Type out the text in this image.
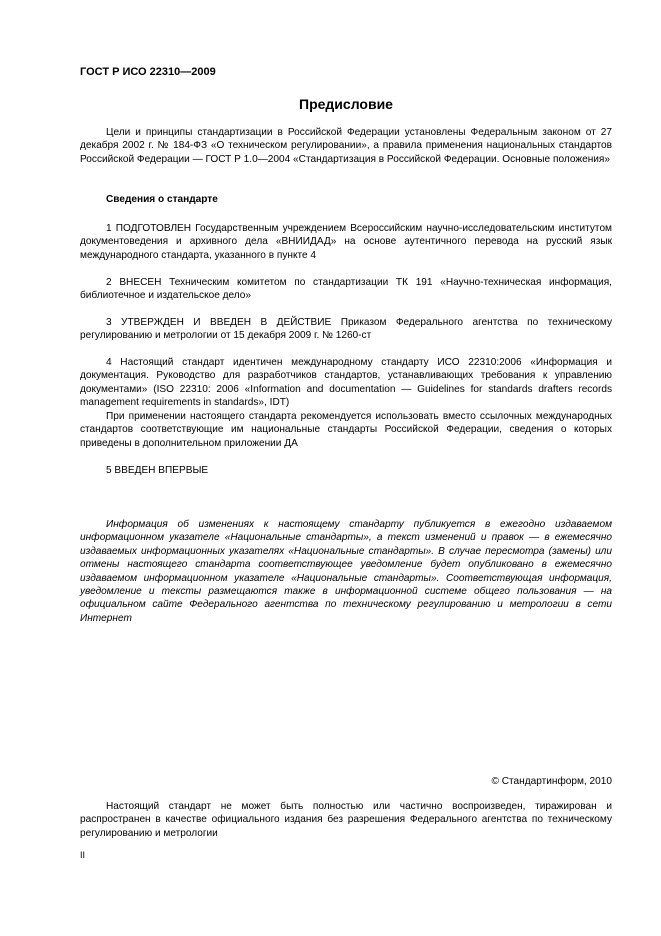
ГОСТ Р ИСО 22310—2009
Предисловие

Цели и принципы стандартизации в Российской Федерации установлены Федеральным законом от 27 декабря 2002 г. № 184-ФЗ «О техническом регулировании», а правила применения национальных стандартов Российской Федерации — ГОСТ Р 1.0—2004 «Стандартизация в Российской Федерации. Основные положения»

Сведения о стандарте

1 ПОДГОТОВЛЕН Государственным учреждением Всероссийским научно-исследовательским институтом документоведения и архивного дела «ВНИИДАД» на основе аутентичного перевода на русский язык международного стандарта, указанного в пункте 4

2 ВНЕСЕН Техническим комитетом по стандартизации ТК 191 «Научно-техническая информация, библиотечное и издательское дело»

3 УТВЕРЖДЕН И ВВЕДЕН В ДЕЙСТВИЕ Приказом Федерального агентства по техническому регулированию и метрологии от 15 декабря 2009 г. № 1260-ст

4 Настоящий стандарт идентичен международному стандарту ИСО 22310:2006 «Информация и документация. Руководство для разработчиков стандартов, устанавливающих требования к управлению документами» (ISO 22310: 2006 «Information and documentation — Guidelines for standards drafters records management requirements in standards», IDT)

При применении настоящего стандарта рекомендуется использовать вместо ссылочных международных стандартов соответствующие им национальные стандарты Российской Федерации, сведения о которых приведены в дополнительном приложении ДА

5 ВВЕДЕН ВПЕРВЫЕ

Информация об изменениях к настоящему стандарту публикуется в ежегодно издаваемом информационном указателе «Национальные стандарты», а текст изменений и правок — в ежемесячно издаваемых информационных указателях «Национальные стандарты». В случае пересмотра (замены) или отмены настоящего стандарта соответствующее уведомление будет опубликовано в ежемесячно издаваемом информационном указателе «Национальные стандарты». Соответствующая информация, уведомление и тексты размещаются также в информационной системе общего пользования — на официальном сайте Федерального агентства по техническому регулированию и метрологии в сети Интернет

© Стандартинформ, 2010

Настоящий стандарт не может быть полностью или частично воспроизведен, тиражирован и распространен в качестве официального издания без разрешения Федерального агентства по техническому регулированию и метрологии

II
